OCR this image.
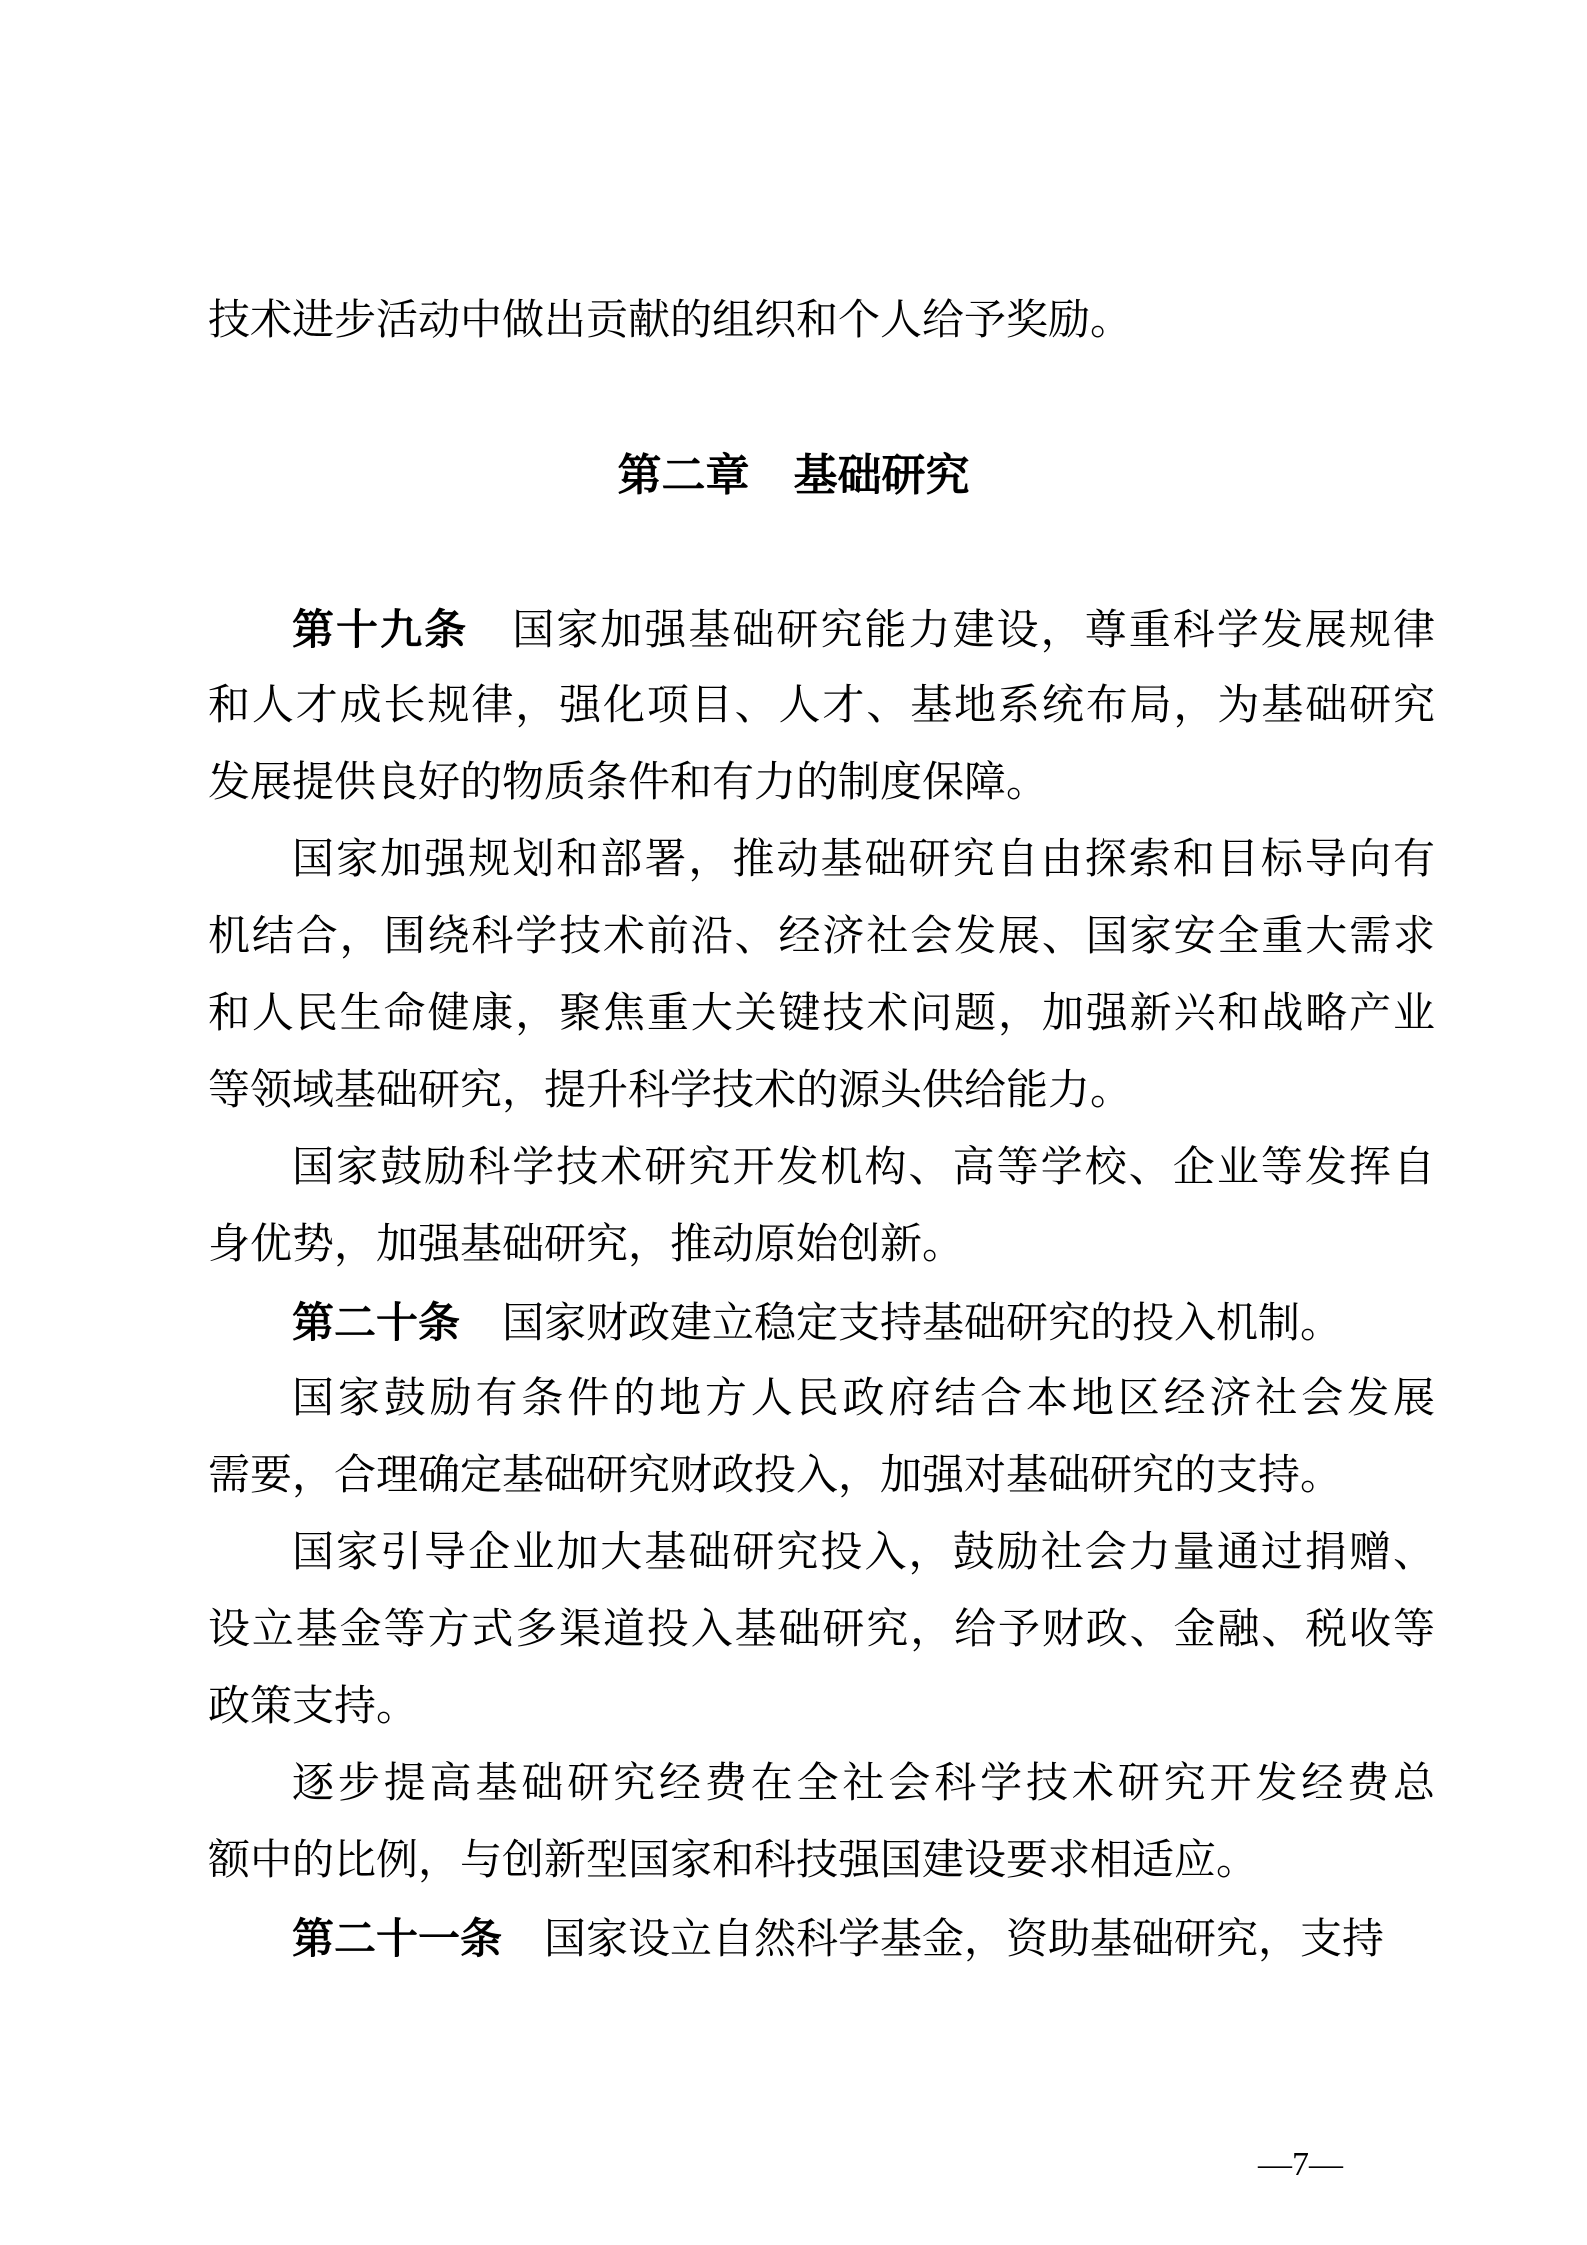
技术进步活动中做出贡献的组织和个人给予奖励。
第二章　基础研究
第十九条　国家加强基础研究能力建设，尊重科学发展规律
和人才成长规律，强化项目、人才、基地系统布局，为基础研究
发展提供良好的物质条件和有力的制度保障。
国家加强规划和部署，推动基础研究自由探索和目标导向有
机结合，围绕科学技术前沿、经济社会发展、国家安全重大需求
和人民生命健康，聚焦重大关键技术问题，加强新兴和战略产业
等领域基础研究，提升科学技术的源头供给能力。
国家鼓励科学技术研究开发机构、高等学校、企业等发挥自
身优势，加强基础研究，推动原始创新。
第二十条　国家财政建立稳定支持基础研究的投入机制。
国家鼓励有条件的地方人民政府结合本地区经济社会发展
需要，合理确定基础研究财政投入，加强对基础研究的支持。
国家引导企业加大基础研究投入，鼓励社会力量通过捐赠、
设立基金等方式多渠道投入基础研究，给予财政、金融、税收等
政策支持。
逐步提高基础研究经费在全社会科学技术研究开发经费总
额中的比例，与创新型国家和科技强国建设要求相适应。
第二十一条　国家设立自然科学基金，资助基础研究，支持
—7—
